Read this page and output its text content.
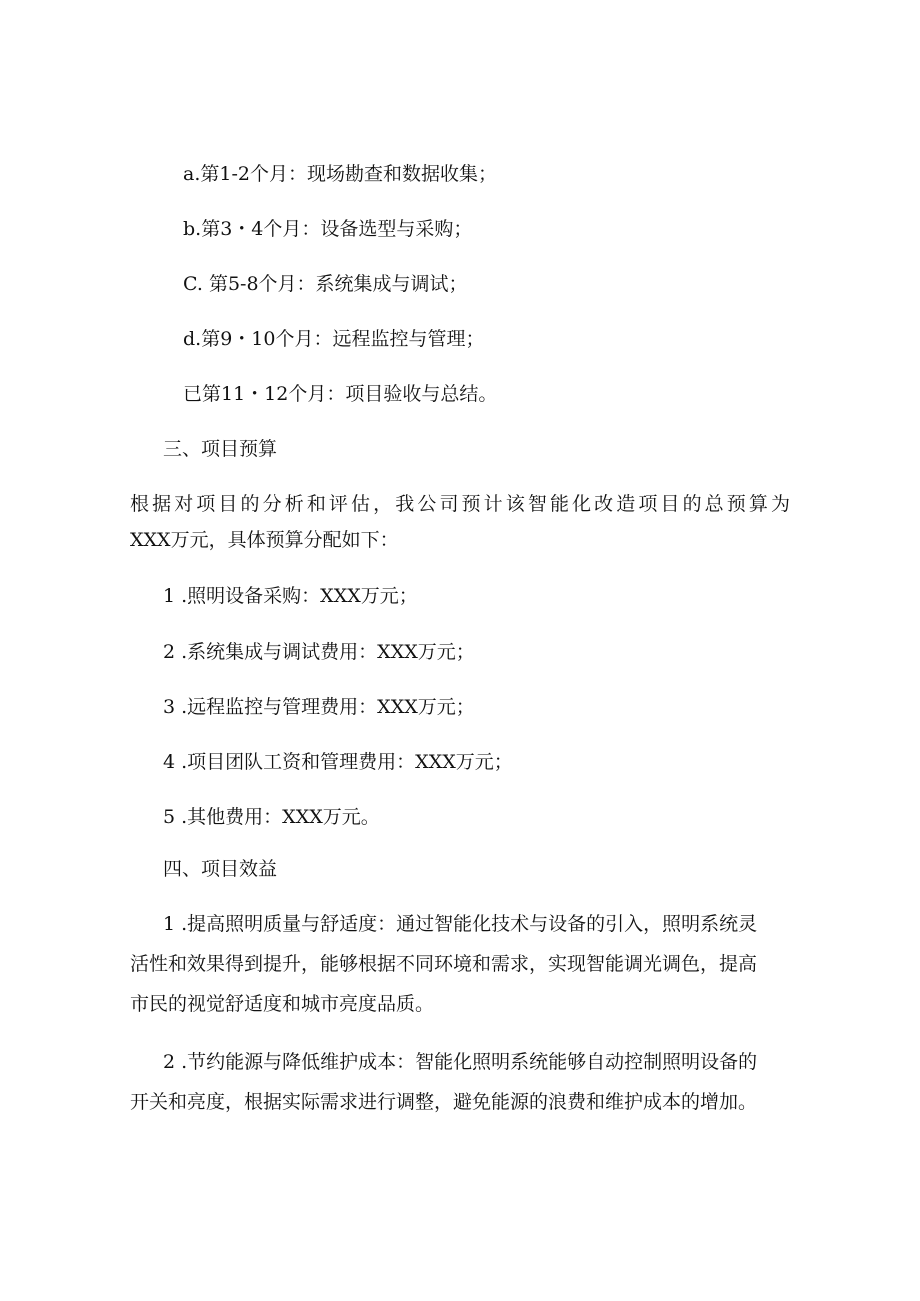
a.第1-2个月：现场勘查和数据收集；
b.第3・4个月：设备选型与采购；
C. 第5-8个月：系统集成与调试；
d.第9・10个月：远程监控与管理；
已第11・12个月：项目验收与总结。
三、项目预算
根据对项目的分析和评估，我公司预计该智能化改造项目的总预算为
XXX万元，具体预算分配如下：
1 .照明设备采购：XXX万元；
2 .系统集成与调试费用：XXX万元；
3 .远程监控与管理费用：XXX万元；
4 .项目团队工资和管理费用：XXX万元；
5 .其他费用：XXX万元。
四、项目效益
1 .提高照明质量与舒适度：通过智能化技术与设备的引入，照明系统灵
活性和效果得到提升，能够根据不同环境和需求，实现智能调光调色，提高
市民的视觉舒适度和城市亮度品质。
2 .节约能源与降低维护成本：智能化照明系统能够自动控制照明设备的
开关和亮度，根据实际需求进行调整，避免能源的浪费和维护成本的增加。
